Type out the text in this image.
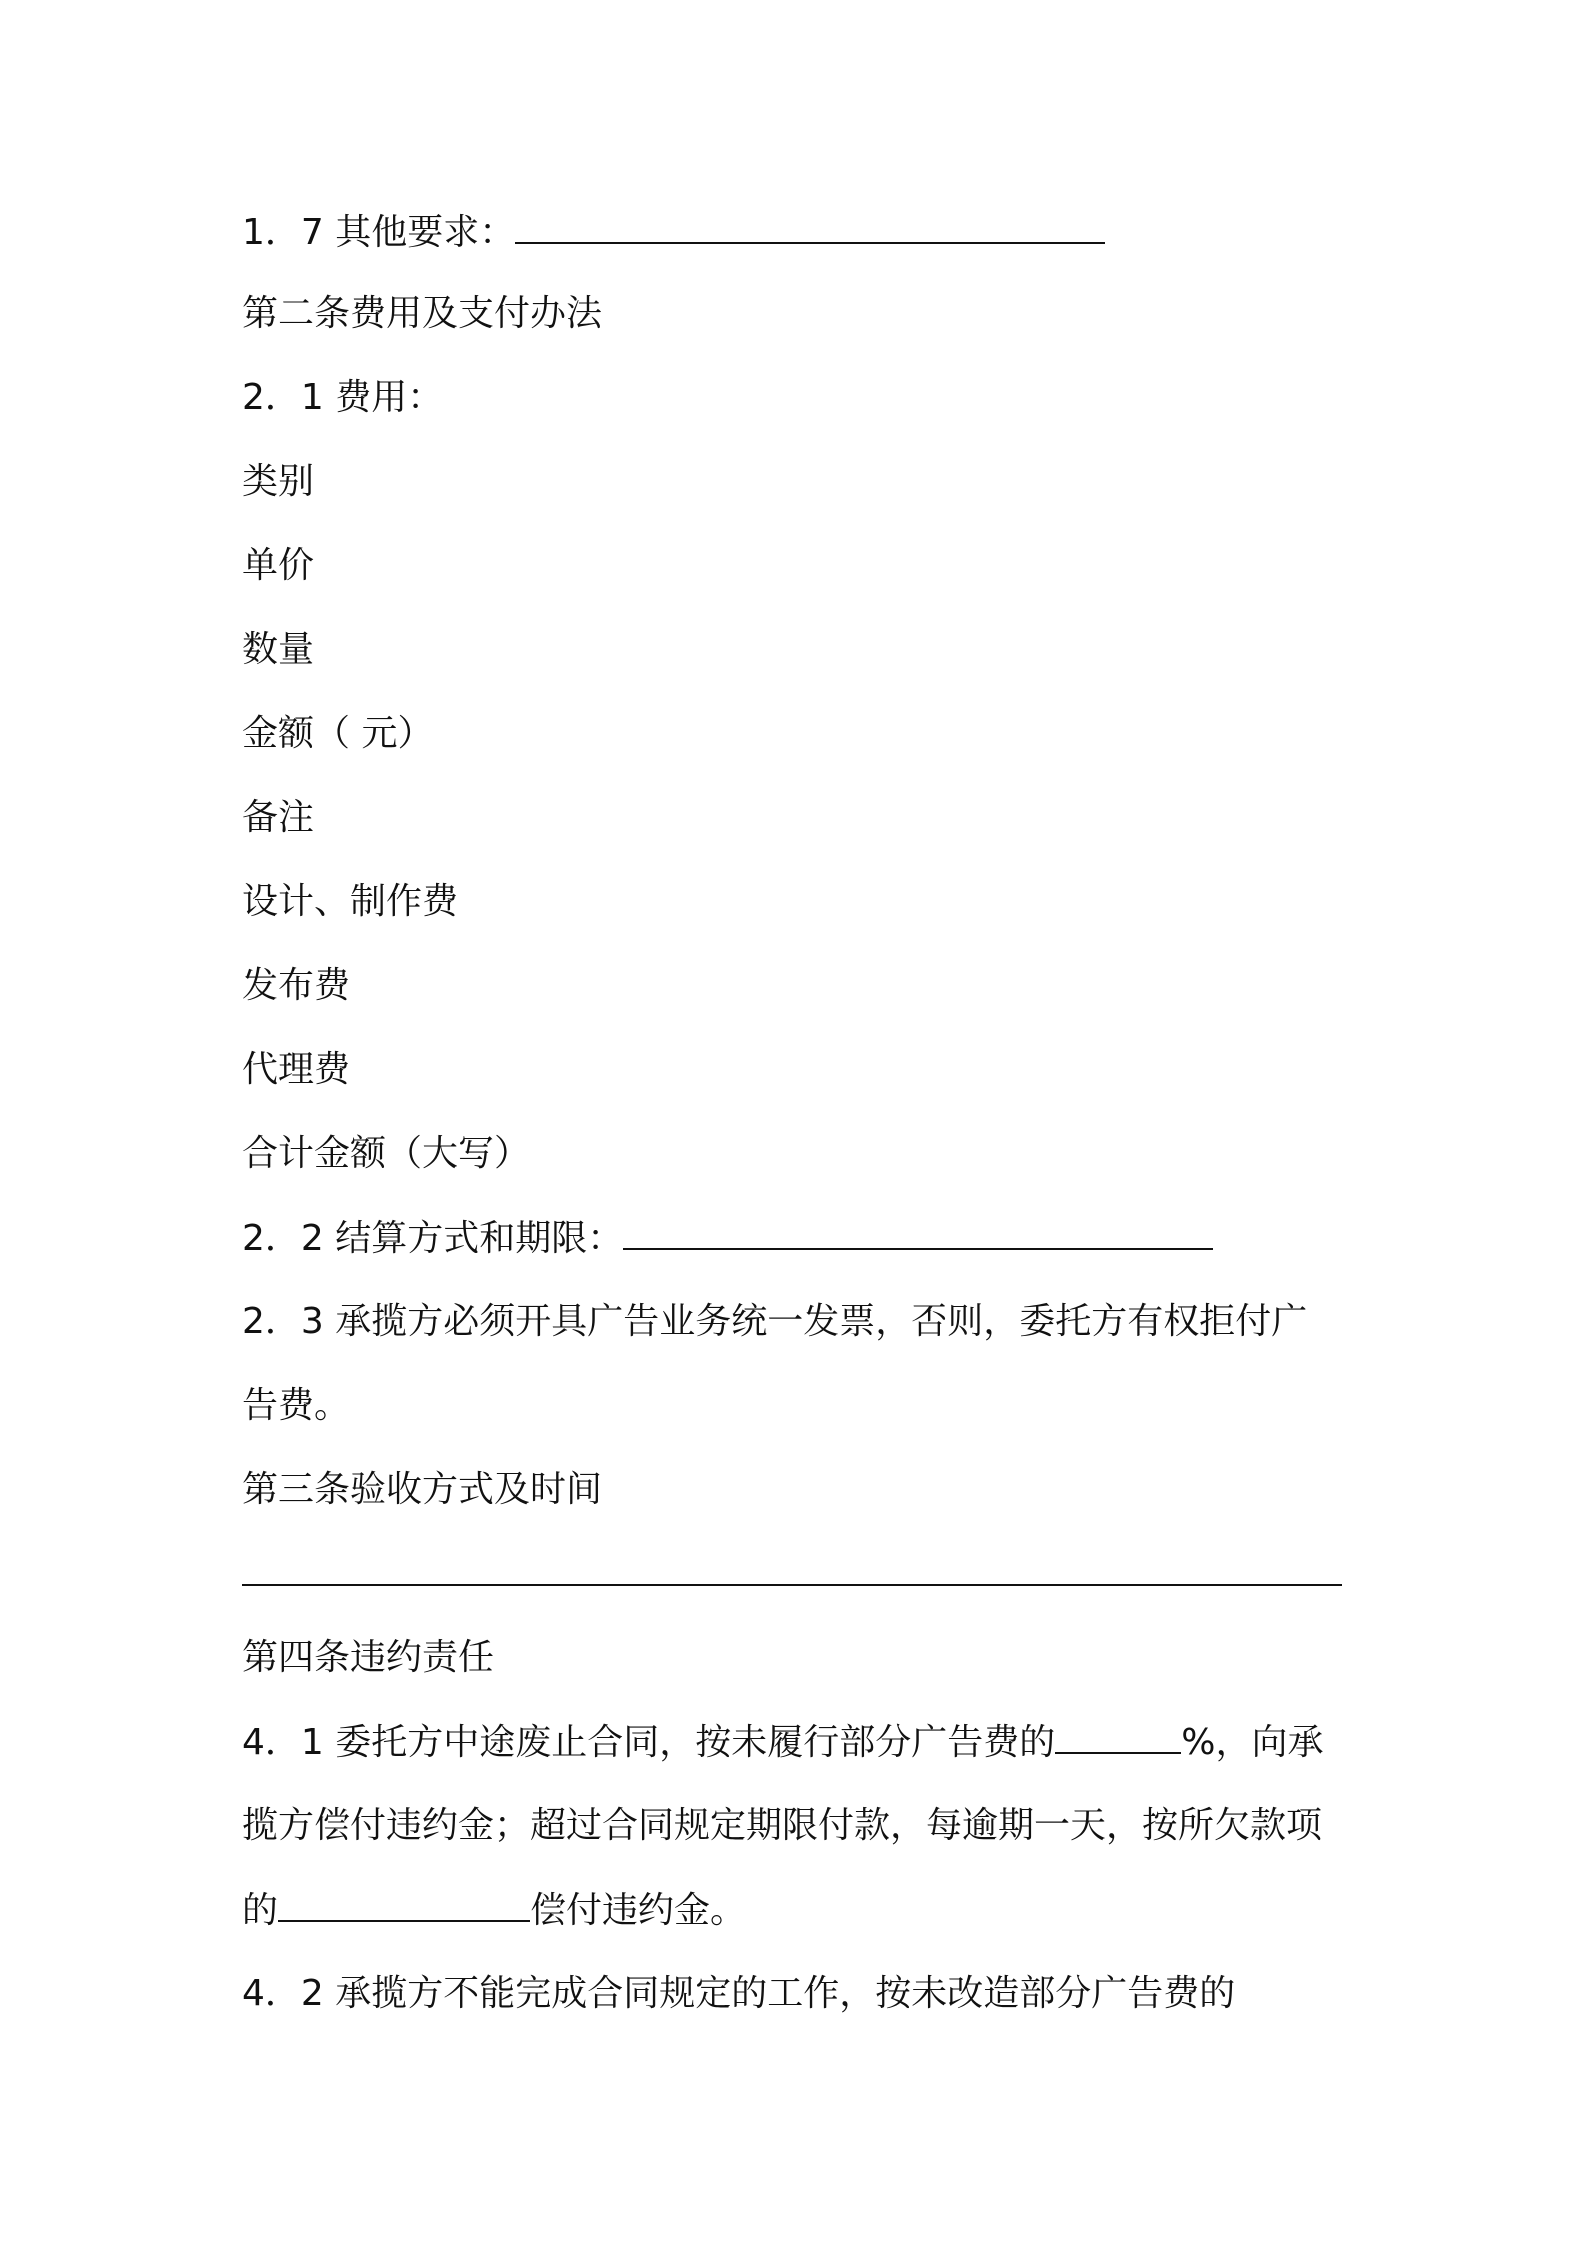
1．7 其他要求：
第二条费用及支付办法
2．1 费用：
类别
单价
数量
金额（ 元）
备注
设计、制作费
发布费
代理费
合计金额（大写）
2．2 结算方式和期限：
2．3 承揽方必须开具广告业务统一发票，否则，委托方有权拒付广
告费。
第三条验收方式及时间
第四条违约责任
4．1 委托方中途废止合同，按未履行部分广告费的	%，向承
揽方偿付违约金；超过合同规定期限付款，每逾期一天，按所欠款项
的	偿付违约金。
4．2 承揽方不能完成合同规定的工作，按未改造部分广告费的
